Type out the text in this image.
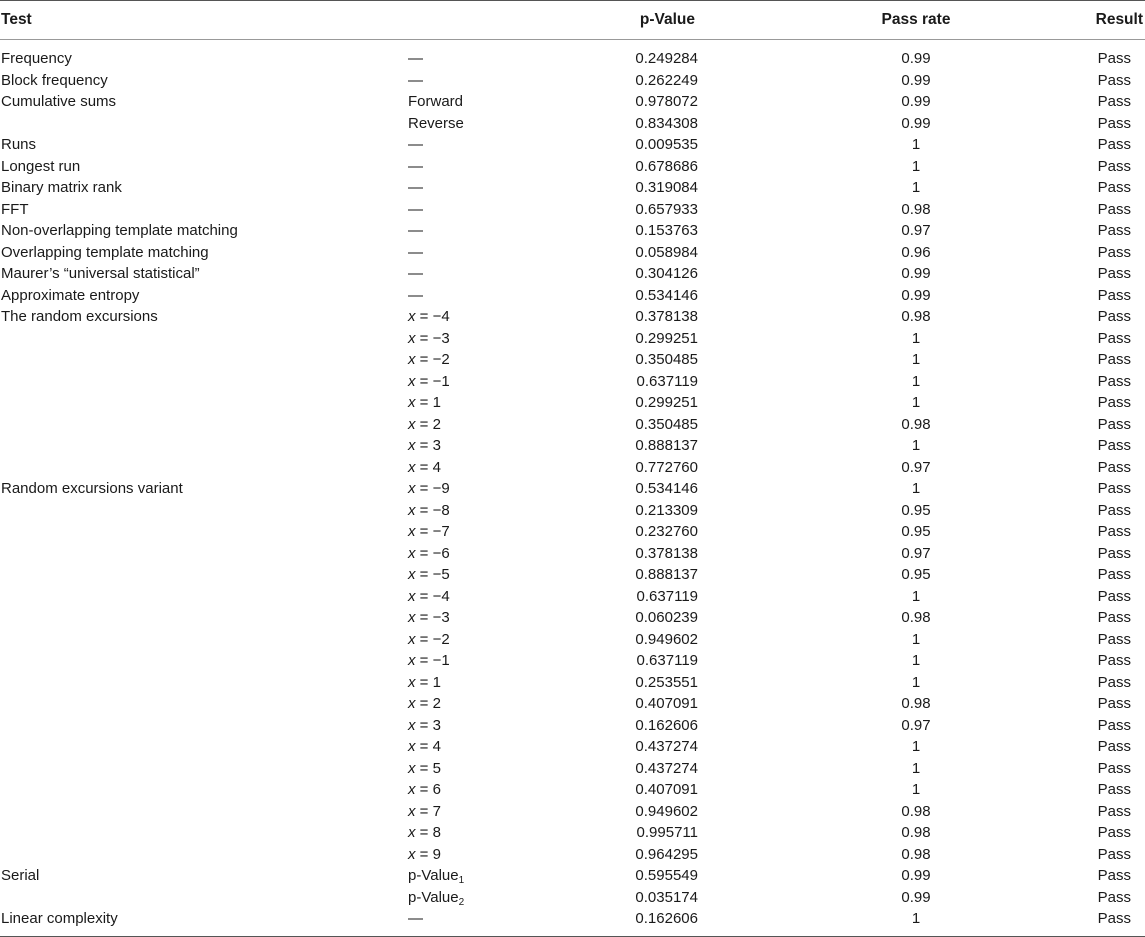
Test		p-Value	Pass rate	Result
Frequency	—	0.249284	0.99	Pass
Block frequency	—	0.262249	0.99	Pass
Cumulative sums	Forward	0.978072	0.99	Pass
	Reverse	0.834308	0.99	Pass
Runs	—	0.009535	1	Pass
Longest run	—	0.678686	1	Pass
Binary matrix rank	—	0.319084	1	Pass
FFT	—	0.657933	0.98	Pass
Non-overlapping template matching	—	0.153763	0.97	Pass
Overlapping template matching	—	0.058984	0.96	Pass
Maurer’s “universal statistical”	—	0.304126	0.99	Pass
Approximate entropy	—	0.534146	0.99	Pass
The random excursions	x = −4	0.378138	0.98	Pass
	x = −3	0.299251	1	Pass
	x = −2	0.350485	1	Pass
	x = −1	0.637119	1	Pass
	x = 1	0.299251	1	Pass
	x = 2	0.350485	0.98	Pass
	x = 3	0.888137	1	Pass
	x = 4	0.772760	0.97	Pass
Random excursions variant	x = −9	0.534146	1	Pass
	x = −8	0.213309	0.95	Pass
	x = −7	0.232760	0.95	Pass
	x = −6	0.378138	0.97	Pass
	x = −5	0.888137	0.95	Pass
	x = −4	0.637119	1	Pass
	x = −3	0.060239	0.98	Pass
	x = −2	0.949602	1	Pass
	x = −1	0.637119	1	Pass
	x = 1	0.253551	1	Pass
	x = 2	0.407091	0.98	Pass
	x = 3	0.162606	0.97	Pass
	x = 4	0.437274	1	Pass
	x = 5	0.437274	1	Pass
	x = 6	0.407091	1	Pass
	x = 7	0.949602	0.98	Pass
	x = 8	0.995711	0.98	Pass
	x = 9	0.964295	0.98	Pass
Serial	p-Value$_1$	0.595549	0.99	Pass
	p-Value$_2$	0.035174	0.99	Pass
Linear complexity	—	0.162606	1	Pass
